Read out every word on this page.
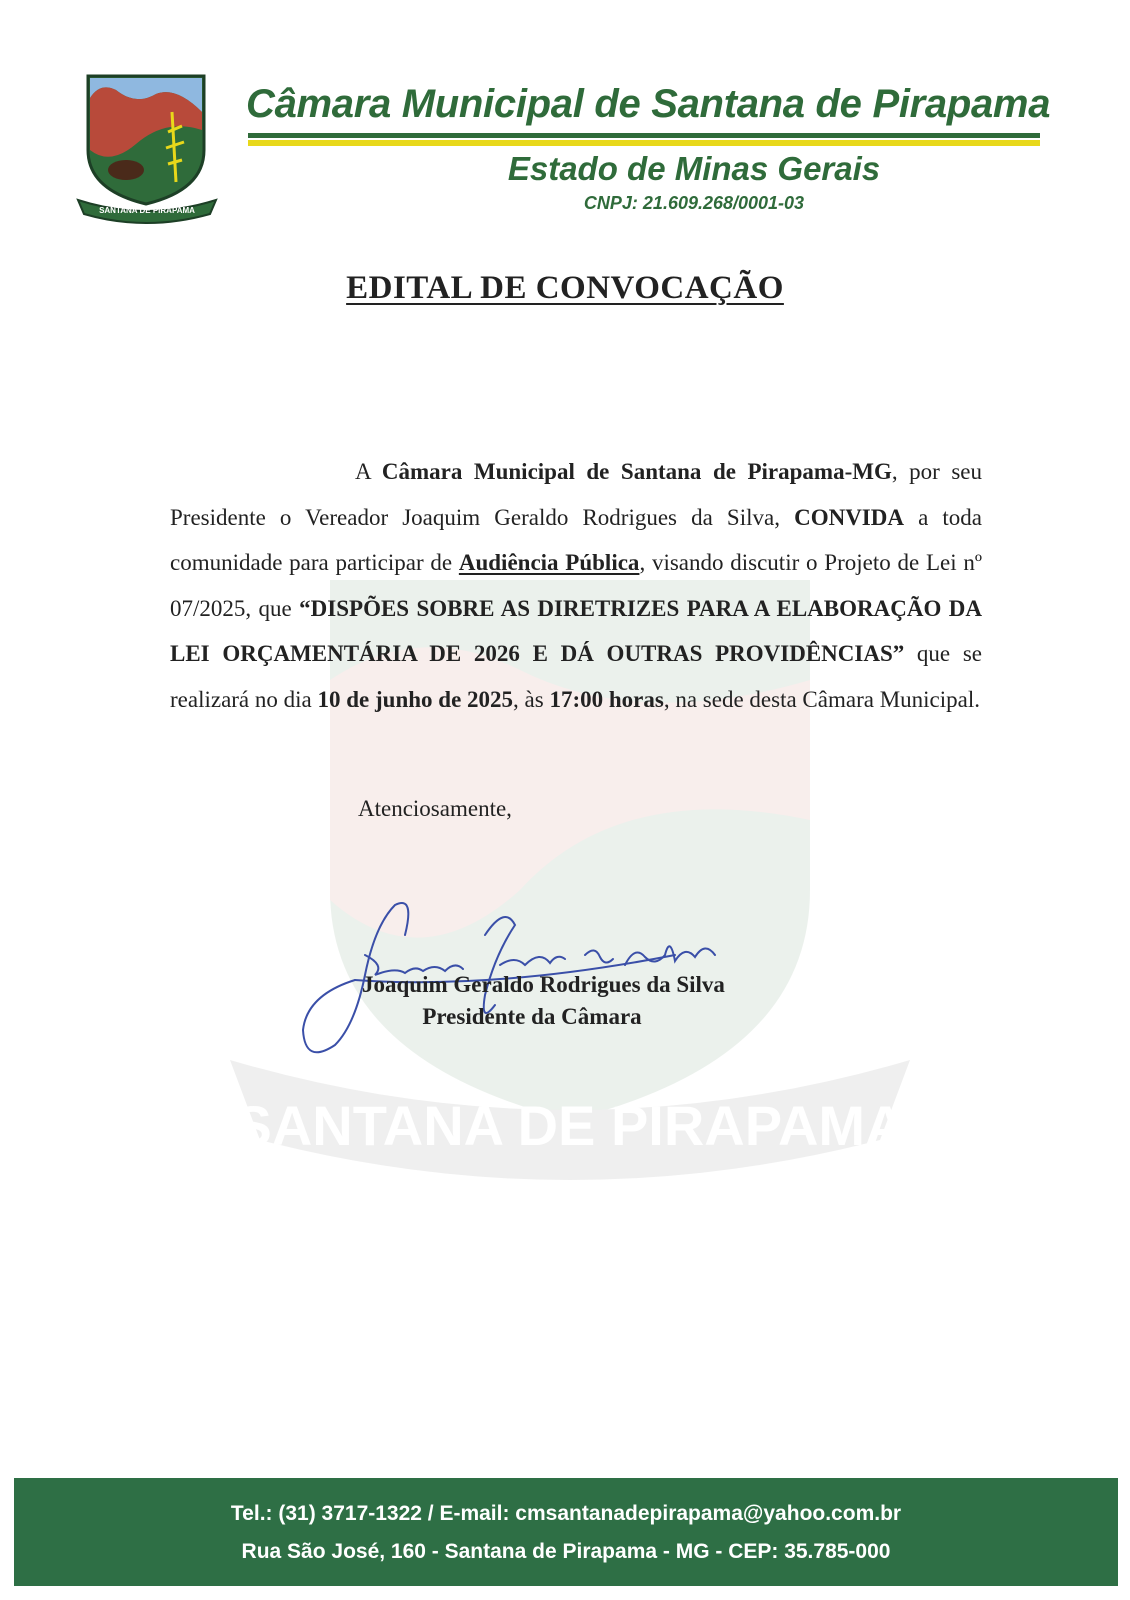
SANTANA DE PIRAPAMA
Câmara Municipal de Santana de Pirapama
Estado de Minas Gerais
CNPJ: 21.609.268/0001-03
SANTANA DE PIRAPAMA
EDITAL DE CONVOCAÇÃO
A Câmara Municipal de Santana de Pirapama-MG, por seu Presidente o Vereador Joaquim Geraldo Rodrigues da Silva, CONVIDA a toda comunidade para participar de Audiência Pública, visando discutir o Projeto de Lei nº 07/2025, que “DISPÕES SOBRE AS DIRETRIZES PARA A ELABORAÇÃO DA LEI ORÇAMENTÁRIA DE 2026 E DÁ OUTRAS PROVIDÊNCIAS” que se realizará no dia 10 de junho de 2025, às 17:00 horas, na sede desta Câmara Municipal.
Atenciosamente,
Joaquim Geraldo Rodrigues da Silva
Presidente da Câmara
Tel.: (31) 3717-1322 / E-mail: cmsantanadepirapama@yahoo.com.br
Rua São José, 160 - Santana de Pirapama - MG - CEP: 35.785-000
